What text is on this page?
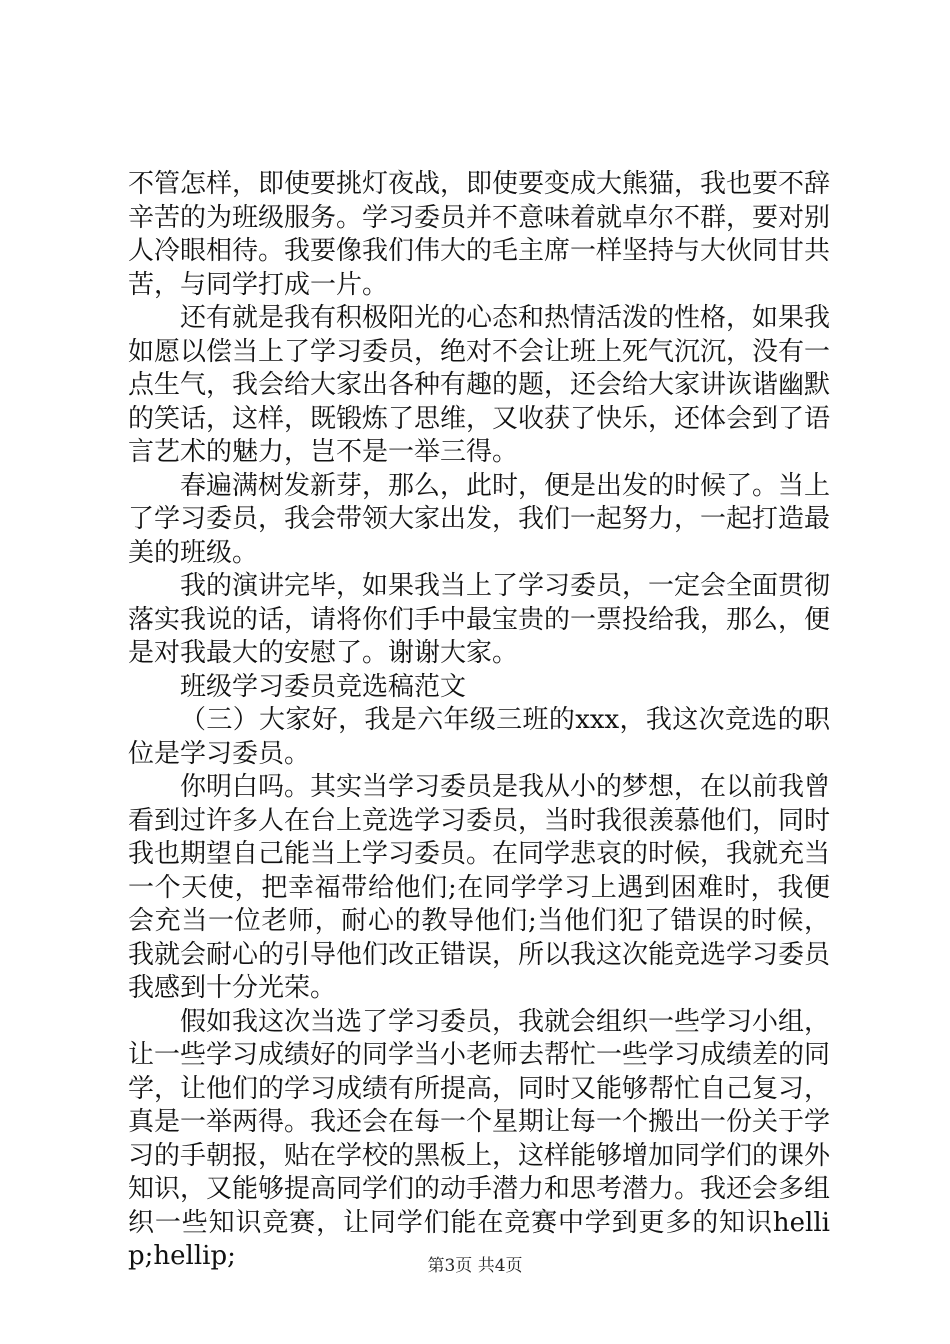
不管怎样，即使要挑灯夜战，即使要变成大熊猫，我也要不辞辛苦的为班级服务。学习委员并不意味着就卓尔不群，要对别人冷眼相待。我要像我们伟大的毛主席一样坚持与大伙同甘共苦，与同学打成一片。

还有就是我有积极阳光的心态和热情活泼的性格，如果我如愿以偿当上了学习委员，绝对不会让班上死气沉沉，没有一点生气，我会给大家出各种有趣的题，还会给大家讲诙谐幽默的笑话，这样，既锻炼了思维，又收获了快乐，还体会到了语言艺术的魅力，岂不是一举三得。

春遍满树发新芽，那么，此时，便是出发的时候了。当上了学习委员，我会带领大家出发，我们一起努力，一起打造最美的班级。

我的演讲完毕，如果我当上了学习委员，一定会全面贯彻落实我说的话，请将你们手中最宝贵的一票投给我，那么，便是对我最大的安慰了。谢谢大家。

班级学习委员竞选稿范文

（三）大家好，我是六年级三班的xxx，我这次竞选的职位是学习委员。

你明白吗。其实当学习委员是我从小的梦想，在以前我曾看到过许多人在台上竞选学习委员，当时我很羡慕他们，同时我也期望自己能当上学习委员。在同学悲哀的时候，我就充当一个天使，把幸福带给他们;在同学学习上遇到困难时，我便会充当一位老师，耐心的教导他们;当他们犯了错误的时候，我就会耐心的引导他们改正错误，所以我这次能竞选学习委员我感到十分光荣。

假如我这次当选了学习委员，我就会组织一些学习小组，让一些学习成绩好的同学当小老师去帮忙一些学习成绩差的同学，让他们的学习成绩有所提高，同时又能够帮忙自己复习，真是一举两得。我还会在每一个星期让每一个搬出一份关于学习的手朝报，贴在学校的黑板上，这样能够增加同学们的课外知识，又能够提高同学们的动手潜力和思考潜力。我还会多组织一些知识竞赛，让同学们能在竞赛中学到更多的知识hellip;hellip;	第3页 共4页
